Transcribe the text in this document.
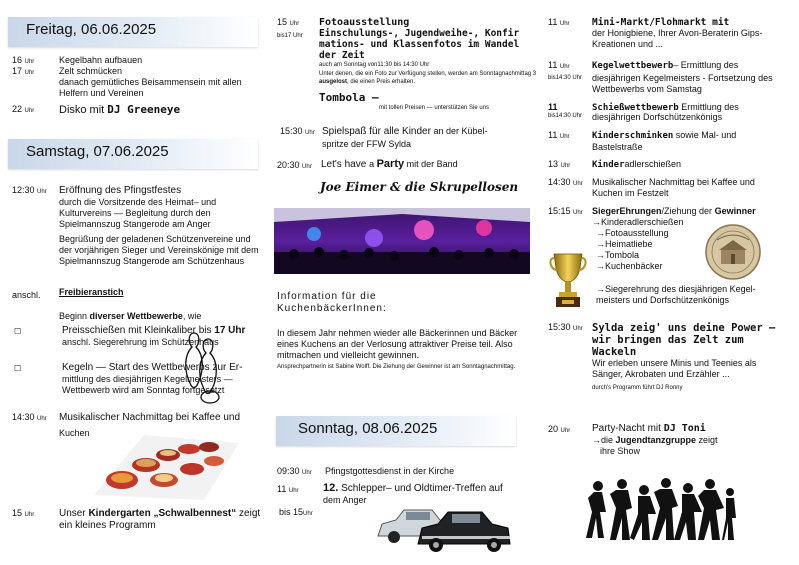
Freitag, 06.06.2025
16 Uhr	Kegelbahn aufbauen
17 Uhr	Zelt schmücken
danach gemütliches Beisammensein mit allen Helfern und Vereinen
22 Uhr Disko mit DJ Greeneye
Samstag, 07.06.2025
12:30 Uhr Eröffnung des Pfingstfestes
durch die Vorsitzende des Heimat– und Kulturvereins — Begleitung durch den Spielmannszug Stangerode am Anger
Begrüßung der geladenen Schützenvereine und der vorjährigen Sieger und Vereinskönige mit dem Spielmannszug Stangerode am Schützenhaus
anschl. Freibieranstich
Beginn diverser Wettbewerbe, wie
☐	Preisschießen mit Kleinkaliber bis 17 Uhr
anschl. Siegerehrung im Schützenhaus
☐	Kegeln — Start des Wettbewerbs zur Er-
mittlung des diesjährigen Kegelmeisters — Wettbewerb wird am Sonntag fortgesetzt
14:30 Uhr Musikalischer Nachmittag bei Kaffee und
Kuchen
15 Uhr Unser Kindergarten „Schwalbennest“ zeigt
ein kleines Programm
15 Uhr
bis17 Uhr
Fotoausstellung
Einschulungs-, Jugendweihe-, Konfir mations- und Klassenfotos im Wandel der Zeit
auch am Sonntag von11:30 bis 14:30 Uhr
Unter denen, die ein Foto zur Verfügung stellen, werden am Sonntagnachmittag 3 ausgelost, die einen Preis erhalten.
Tombola –
mit tollen Preisen — unterstützen Sie uns
15:30 Uhr Spielspaß für alle Kinder an der Kübel-
spritze der FFW Sylda
20:30 Uhr Let's have a Party mit der Band
Joe Eimer & die Skrupellosen
Information für die KuchenbäckerInnen:
In diesem Jahr nehmen wieder alle Bäckerinnen und Bäcker eines Kuchens an der Verlosung attraktiver Preise teil. Also mitmachen und vielleicht gewinnen.
Ansprechpartnerin ist Sabine Wolff. Die Ziehung der Gewinner ist am Sonntagnachmittag.
Sonntag, 08.06.2025
09:30 Uhr Pfingstgottesdienst in der Kirche
11 Uhr 12. Schlepper– und Oldtimer-Treffen auf
dem Anger
bis 15Uhr
11 Uhr Mini-Markt/Flohmarkt mit
der Honigbiene, Ihrer Avon-Beraterin Gips-Kreationen und ...
11 Uhr Kegelwettbewerb– Ermittlung des
bis14:30 Uhr diesjährigen Kegelmeisters - Fortsetzung des Wettbewerbs vom Samstag
11
bis14:30 Uhr
Schießwettbewerb Ermittlung des
diesjährigen Dorfschützenkönigs
11 Uhr Kinderschminken sowie Mal- und
Bastelstraße
13 Uhr Kinderadlerschießen
14:30 Uhr Musikalischer Nachmittag bei Kaffee und
Kuchen im Festzelt
15:15 Uhr SiegerEhrungen/Ziehung der Gewinner
→Kinderadlerschießen
→Fotoausstellung
→Heimatliebe
→Tombola
→Kuchenbäcker
→Siegerehrung des diesjährigen Kegel- meisters und Dorfschützenkönigs
15:30 Uhr Sylda zeig' uns deine Power — wir bringen das Zelt zum Wackeln
Wir erleben unsere Minis und Teenies als Sänger, Akrobaten und Erzähler ...
durch's Programm führt DJ Ronny
20 Uhr Party-Nacht mit DJ Toni
→die Jugendtanzgruppe zeigt
ihre Show
